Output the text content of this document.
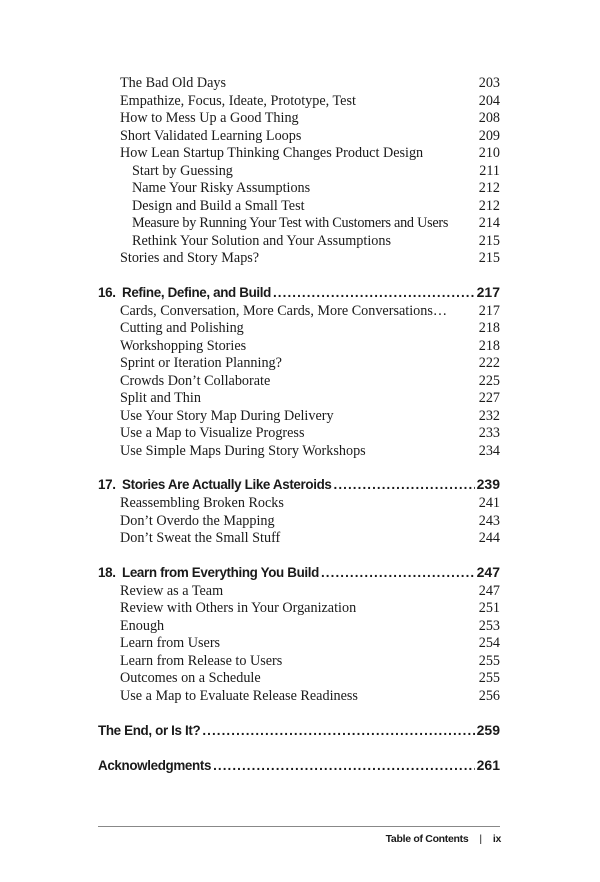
The Bad Old Days	203
Empathize, Focus, Ideate, Prototype, Test	204
How to Mess Up a Good Thing	208
Short Validated Learning Loops	209
How Lean Startup Thinking Changes Product Design	210
Start by Guessing	211
Name Your Risky Assumptions	212
Design and Build a Small Test	212
Measure by Running Your Test with Customers and Users 214
Rethink Your Solution and Your Assumptions	215
Stories and Story Maps?	215
16. Refine, Define, and Build .....	217
Cards, Conversation, More Cards, More Conversations… 217
Cutting and Polishing	218
Workshopping Stories	218
Sprint or Iteration Planning?	222
Crowds Don’t Collaborate	225
Split and Thin	227
Use Your Story Map During Delivery	232
Use a Map to Visualize Progress	233
Use Simple Maps During Story Workshops	234
17. Stories Are Actually Like Asteroids .....	239
Reassembling Broken Rocks	241
Don’t Overdo the Mapping	243
Don’t Sweat the Small Stuff	244
18. Learn from Everything You Build .....	247
Review as a Team	247
Review with Others in Your Organization	251
Enough	253
Learn from Users	254
Learn from Release to Users	255
Outcomes on a Schedule	255
Use a Map to Evaluate Release Readiness	256
The End, or Is It? .....	259
Acknowledgments .....	261
Table of Contents | ix
